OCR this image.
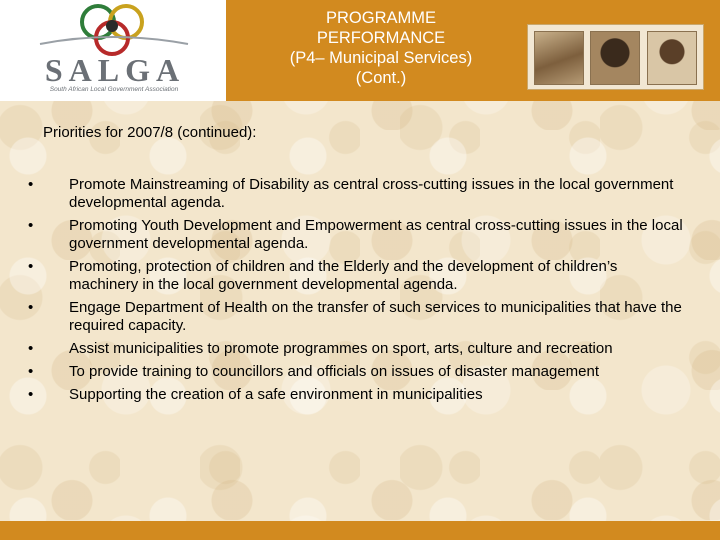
SALGA
South African Local Government Association
PROGRAMME
PERFORMANCE
(P4– Municipal Services)
(Cont.)
Priorities for 2007/8 (continued):
• Promote Mainstreaming of Disability as central cross-cutting issues in the local government developmental agenda.
• Promoting Youth Development and Empowerment as central cross-cutting issues in the local government developmental agenda.
• Promoting, protection of children and the Elderly and the development of children’s machinery in the local government developmental agenda.
• Engage Department of Health on the transfer of such services to municipalities that have the required capacity.
• Assist municipalities to promote programmes on sport, arts, culture and recreation
• To provide training to councillors and officials on issues of disaster management
• Supporting the creation of a safe environment in municipalities
